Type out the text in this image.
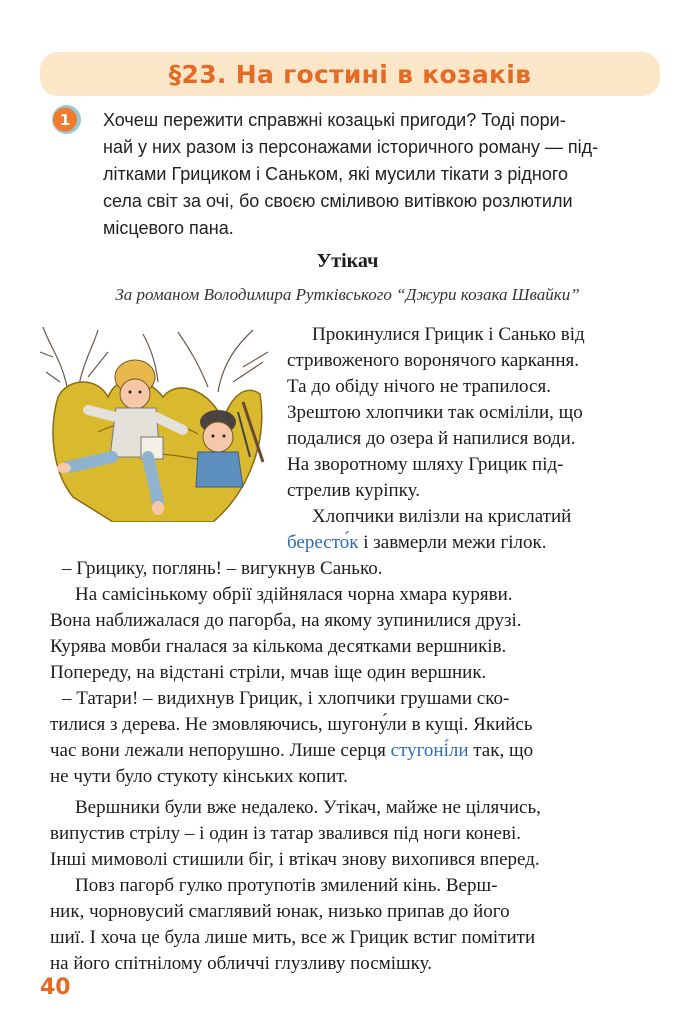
§23. На гостині в козаків
1 Хочеш пережити справжні козацькі пригоди? Тоді пори-
най у них разом із персонажами історичного роману — під-
літками Грициком і Саньком, які мусили тікати з рідного
села світ за очі, бо своєю сміливою витівкою розлютили
місцевого пана.
Утікач
За романом Володимира Рутківського “Джури козака Швайки”
Прокинулися Грицик і Санько від
стривоженого воронячого каркання.
Та до обіду нічого не трапилося.
Зрештою хлопчики так осміліли, що
подалися до озера й напилися води.
На зворотному шляху Грицик під-
стрелив куріпку.
Хлопчики вилізли на крислатий
бересто́к і завмерли межи гілок.
– Грицику, поглянь! – вигукнув Санько.
На самісінькому обрії здійнялася чорна хмара куряви.
Вона наближалася до пагорба, на якому зупинилися друзі.
Курява мовби гналася за кількома десятками вершників.
Попереду, на відстані стріли, мчав іще один вершник.
– Татари! – видихнув Грицик, і хлопчики грушами ско-
тилися з дерева. Не змовляючись, шугону́ли в кущі. Якийсь
час вони лежали непорушно. Лише серця стугоні́ли так, що
не чути було стукоту кінських копит.
Вершники були вже недалеко. Утікач, майже не цілячись,
випустив стрілу – і один із татар звалився під ноги коневі.
Інші мимоволі стишили біг, і втікач знову вихопився вперед.
Повз пагорб гулко протупотів змилений кінь. Верш-
ник, чорновусий смаглявий юнак, низько припав до його
шиї. І хоча це була лише мить, все ж Грицик встиг помітити
на його спітнілому обличчі глузливу посмішку.
40
